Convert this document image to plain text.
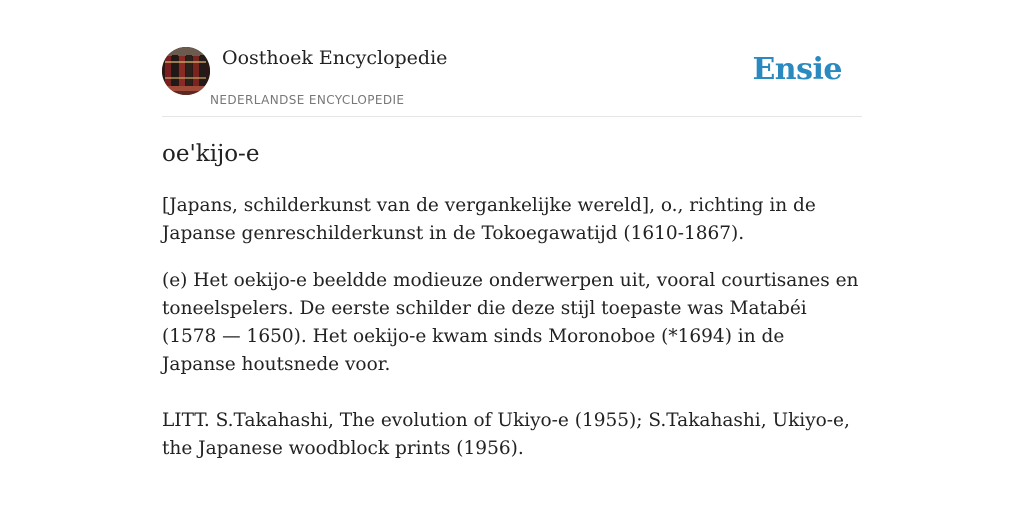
Oosthoek Encyclopedie
NEDERLANDSE ENCYCLOPEDIE
Ensie
oe'kijo-e

[Japans, schilderkunst van de vergankelijke wereld], o., richting in de Japanse genreschilderkunst in de Tokoegawatijd (1610-1867).

(e) Het oekijo-e beeldde modieuze onderwerpen uit, vooral courtisanes en toneelspelers. De eerste schilder die deze stijl toepaste was Matabéi (1578 — 1650). Het oekijo-e kwam sinds Moronoboe (*1694) in de Japanse houtsnede voor.

LITT. S.Takahashi, The evolution of Ukiyo-e (1955); S.Takahashi, Ukiyo-e, the Japanese woodblock prints (1956).
